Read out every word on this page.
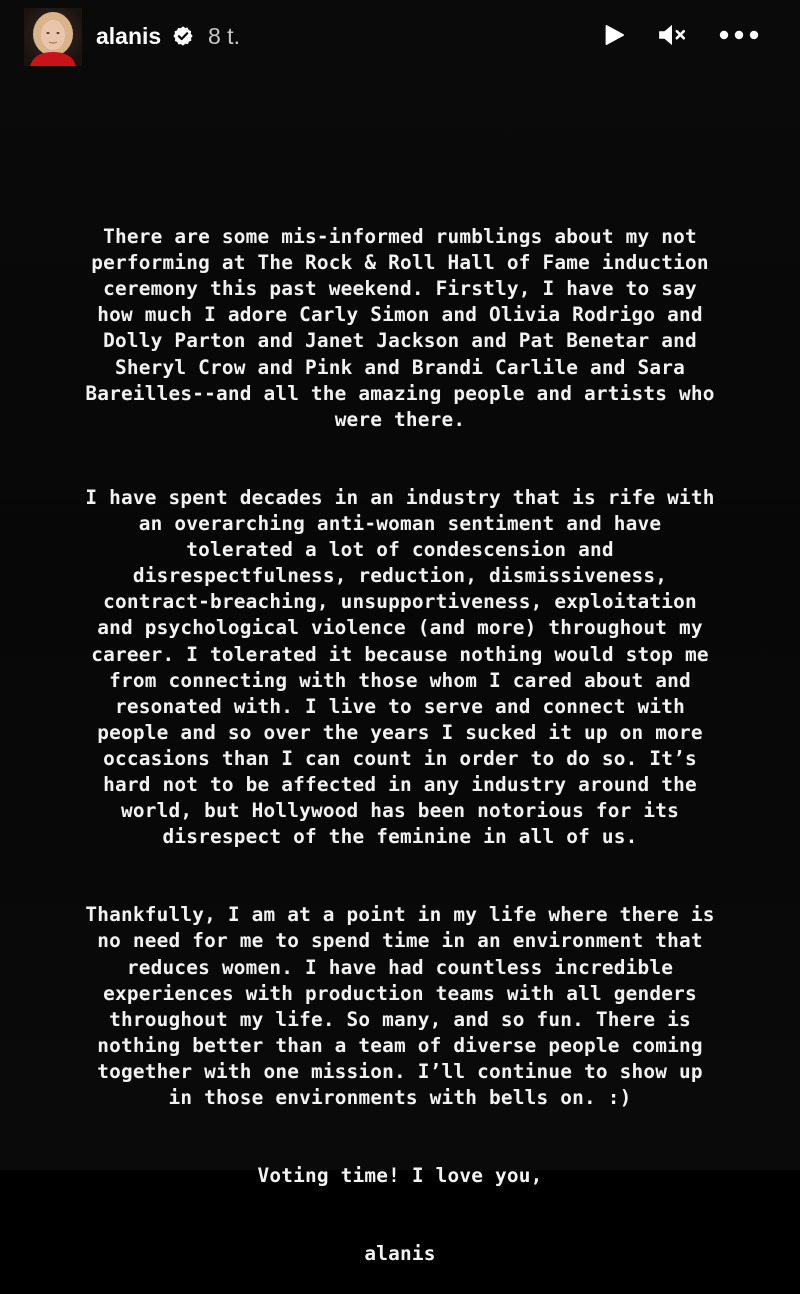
alanis 8 t.

There are some mis-informed rumblings about my not
performing at The Rock & Roll Hall of Fame induction
ceremony this past weekend. Firstly, I have to say
how much I adore Carly Simon and Olivia Rodrigo and
Dolly Parton and Janet Jackson and Pat Benetar and
Sheryl Crow and Pink and Brandi Carlile and Sara
Bareilles--and all the amazing people and artists who
were there.

I have spent decades in an industry that is rife with
an overarching anti-woman sentiment and have
tolerated a lot of condescension and
disrespectfulness, reduction, dismissiveness,
contract-breaching, unsupportiveness, exploitation
and psychological violence (and more) throughout my
career. I tolerated it because nothing would stop me
from connecting with those whom I cared about and
resonated with. I live to serve and connect with
people and so over the years I sucked it up on more
occasions than I can count in order to do so. It’s
hard not to be affected in any industry around the
world, but Hollywood has been notorious for its
disrespect of the feminine in all of us.

Thankfully, I am at a point in my life where there is
no need for me to spend time in an environment that
reduces women. I have had countless incredible
experiences with production teams with all genders
throughout my life. So many, and so fun. There is
nothing better than a team of diverse people coming
together with one mission. I’ll continue to show up
in those environments with bells on. :)

Voting time! I love you,

alanis
